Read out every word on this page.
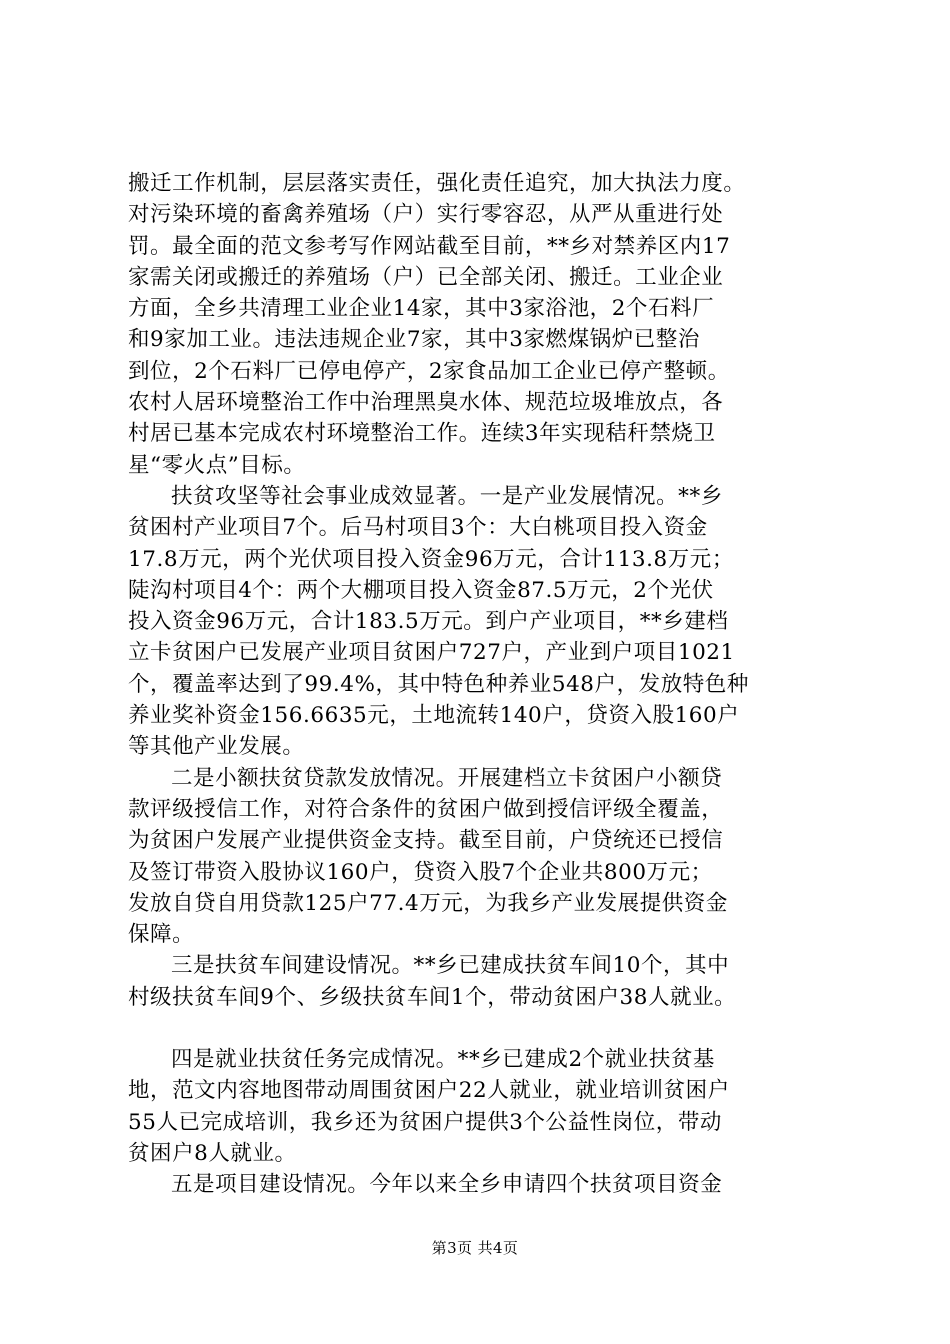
搬迁工作机制，层层落实责任，强化责任追究，加大执法力度。
对污染环境的畜禽养殖场（户）实行零容忍，从严从重进行处
罚。最全面的范文参考写作网站截至目前，**乡对禁养区内17
家需关闭或搬迁的养殖场（户）已全部关闭、搬迁。工业企业
方面，全乡共清理工业企业14家，其中3家浴池，2个石料厂
和9家加工业。违法违规企业7家，其中3家燃煤锅炉已整治
到位，2个石料厂已停电停产，2家食品加工企业已停产整顿。
农村人居环境整治工作中治理黑臭水体、规范垃圾堆放点，各
村居已基本完成农村环境整治工作。连续3年实现秸秆禁烧卫
星“零火点”目标。
扶贫攻坚等社会事业成效显著。一是产业发展情况。**乡
贫困村产业项目7个。后马村项目3个：大白桃项目投入资金
17.8万元，两个光伏项目投入资金96万元，合计113.8万元；
陡沟村项目4个：两个大棚项目投入资金87.5万元，2个光伏
投入资金96万元，合计183.5万元。到户产业项目，**乡建档
立卡贫困户已发展产业项目贫困户727户，产业到户项目1021
个，覆盖率达到了99.4%，其中特色种养业548户，发放特色种
养业奖补资金156.6635元，土地流转140户，贷资入股160户
等其他产业发展。
二是小额扶贫贷款发放情况。开展建档立卡贫困户小额贷
款评级授信工作，对符合条件的贫困户做到授信评级全覆盖，
为贫困户发展产业提供资金支持。截至目前，户贷统还已授信
及签订带资入股协议160户，贷资入股7个企业共800万元；
发放自贷自用贷款125户77.4万元，为我乡产业发展提供资金
保障。
三是扶贫车间建设情况。**乡已建成扶贫车间10个，其中
村级扶贫车间9个、乡级扶贫车间1个，带动贫困户38人就业。
四是就业扶贫任务完成情况。**乡已建成2个就业扶贫基
地，范文内容地图带动周围贫困户22人就业，就业培训贫困户
55人已完成培训，我乡还为贫困户提供3个公益性岗位，带动
贫困户8人就业。
五是项目建设情况。今年以来全乡申请四个扶贫项目资金
第3页 共4页
